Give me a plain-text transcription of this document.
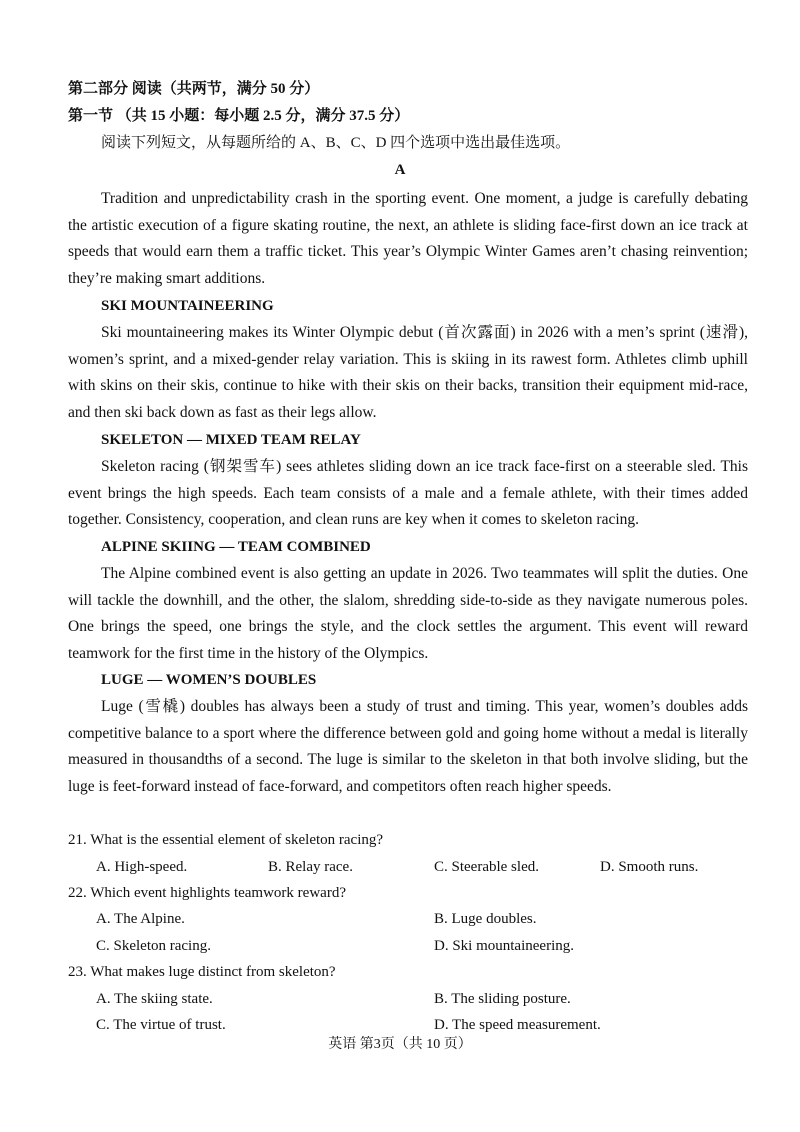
第二部分 阅读（共两节，满分 50 分）
第一节 （共 15 小题：每小题 2.5 分，满分 37.5 分）
阅读下列短文，从每题所给的 A、B、C、D 四个选项中选出最佳选项。
A

Tradition and unpredictability crash in the sporting event. One moment, a judge is carefully debating the artistic execution of a figure skating routine, the next, an athlete is sliding face-first down an ice track at speeds that would earn them a traffic ticket. This year’s Olympic Winter Games aren’t chasing reinvention; they’re making smart additions.

SKI MOUNTAINEERING

Ski mountaineering makes its Winter Olympic debut (首次露面) in 2026 with a men’s sprint (速滑), women’s sprint, and a mixed-gender relay variation. This is skiing in its rawest form. Athletes climb uphill with skins on their skis, continue to hike with their skis on their backs, transition their equipment mid-race, and then ski back down as fast as their legs allow.

SKELETON — MIXED TEAM RELAY

Skeleton racing (钢架雪车) sees athletes sliding down an ice track face-first on a steerable sled. This event brings the high speeds. Each team consists of a male and a female athlete, with their times added together. Consistency, cooperation, and clean runs are key when it comes to skeleton racing.

ALPINE SKIING — TEAM COMBINED

The Alpine combined event is also getting an update in 2026. Two teammates will split the duties. One will tackle the downhill, and the other, the slalom, shredding side-to-side as they navigate numerous poles. One brings the speed, one brings the style, and the clock settles the argument. This event will reward teamwork for the first time in the history of the Olympics.

LUGE — WOMEN’S DOUBLES

Luge (雪橇) doubles has always been a study of trust and timing. This year, women’s doubles adds competitive balance to a sport where the difference between gold and going home without a medal is literally measured in thousandths of a second. The luge is similar to the skeleton in that both involve sliding, but the luge is feet-forward instead of face-forward, and competitors often reach higher speeds.

21. What is the essential element of skeleton racing?
A. High-speed.	B. Relay race.	C. Steerable sled.	D. Smooth runs.
22. Which event highlights teamwork reward?
A. The Alpine.	B. Luge doubles.
C. Skeleton racing.	D. Ski mountaineering.
23. What makes luge distinct from skeleton?
A. The skiing state.	B. The sliding posture.
C. The virtue of trust.	D. The speed measurement.
英语 第3页（共 10 页）
